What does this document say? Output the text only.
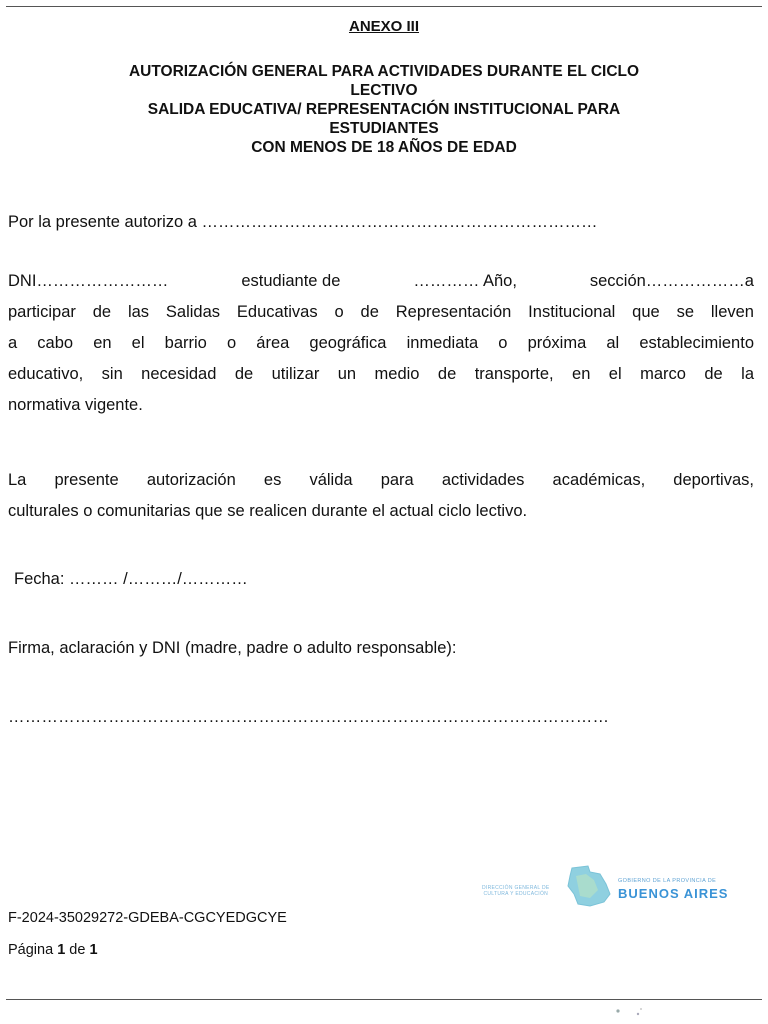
ANEXO III
AUTORIZACIÓN GENERAL PARA ACTIVIDADES DURANTE EL CICLO
LECTIVO
SALIDA EDUCATIVA/ REPRESENTACIÓN INSTITUCIONAL PARA
ESTUDIANTES
CON MENOS DE 18 AÑOS DE EDAD
Por la presente autorizo a ………………………………………………………………
DNI……………………	estudiante de	………… Año,	sección………………a
participar de las Salidas Educativas o de Representación Institucional que se lleven
a cabo en el barrio o área geográfica inmediata o próxima al establecimiento
educativo, sin necesidad de utilizar un medio de transporte, en el marco de la
normativa vigente.
La presente autorización es válida para actividades académicas, deportivas,
culturales o comunitarias que se realicen durante el actual ciclo lectivo.
Fecha: ……… /………/…………
Firma, aclaración y DNI (madre, padre o adulto responsable):
………………………………………………………………………………………………
DIRECCIÓN GENERAL DE
CULTURA Y EDUCACIÓN
GOBIERNO DE LA PROVINCIA DE
BUENOS AIRES
F-2024-35029272-GDEBA-CGCYEDGCYE
Página 1 de 1
